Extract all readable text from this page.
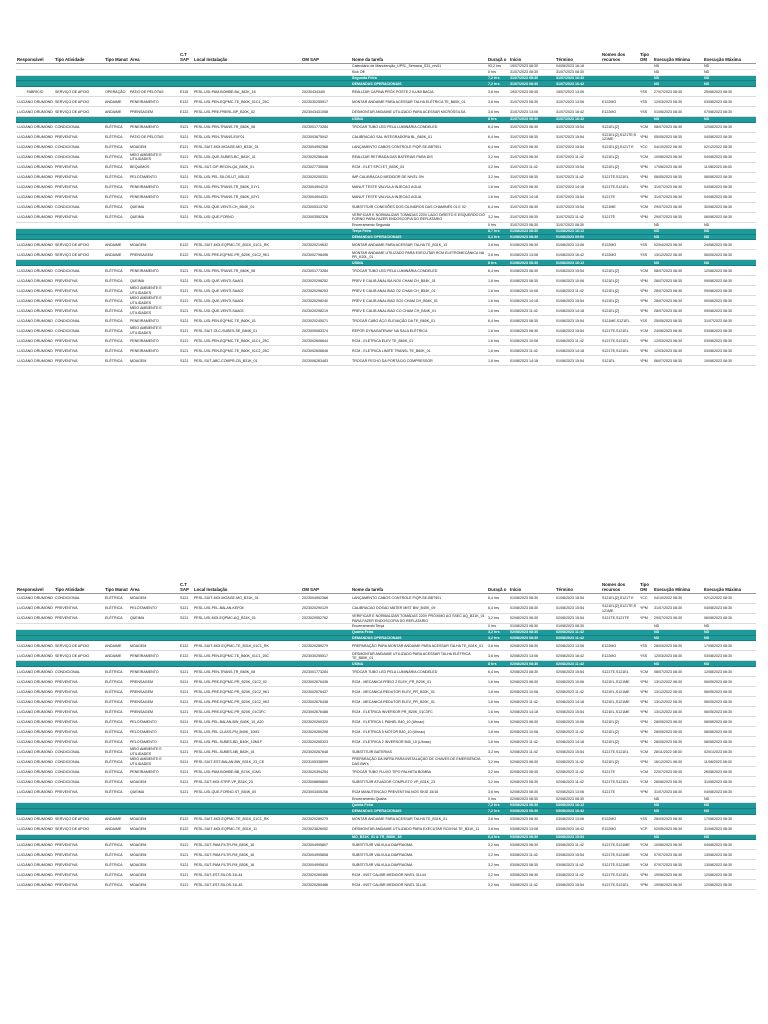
Responsável	Tipo Atividade	Tipo Manut	Área	C.T SAP	Local Instalação	OM SAP	Nome da tarefa	Duraçã o	Início	Término	Nomes dos recursos	Tipo OM	Execução Mínima	Execução Máxima
							Calendário de Manutenção_UPSL_Semana_S31_rev01	93,2 hrs	19/07/2023 08:30	04/08/2023 16:18			ND	ND
							Kick Off	0 hrs	31/07/2023 08:30	31/07/2023 08:30			ND	ND
							Segunda Feira	7,2 hrs	31/07/2023 08:30	31/07/2023 16:42			ND	ND
							DEMANDAS OPERACIONAIS	7,2 hrs	31/07/2023 08:30	31/07/2023 16:42			ND	ND
FABRICIO	SERVIÇO DE APOIO	OPERAÇÃO	PATIO DE PELOTAS	E115	PESL-USI-PAM-BOMBE-BA_382K_16	2023043434I0	REALIZAR CAPINA PRÓX POSTE 2 ILUMI BACIA	3,6 hrs	19/07/2023 08:30	19/07/2023 13:06		YSS	27/07/2023 08:30	25/08/2023 08:30
LUCIANO DRUMOND	SERVIÇO DE APOIO	ANDAIME	PENEIRAMENTO	E122	PESL-USI-PEN-EQPMC-TE_B60K_01C1_25C	2023030255517	MONTAR ANDAIME PARA ACESSAR TALHA ELÉTRICA TE_B60K_01	3,6 hrs	31/07/2023 08:30	31/07/2023 13:06	E122MO	YSS	12/03/2023 08:30	03/08/2023 08:30
LUCIANO DRUMOND	SERVIÇO DE APOIO	ANDAIME	PRENSAGEM	E122	PESL-USI-PRE-PRERL-BP_B20K_02	2023043431058	DESMONTAR ANDAIME UTILIZADO PARA ACESSAR MICROSSILSA	3,6 hrs	31/07/2023 13:06	31/07/2023 16:42	E122MO	YSS	01/06/2023 08:30	07/08/2023 08:30
							USINA	8 hrs	31/07/2023 08:30	31/07/2023 16:42			ND	ND
LUCIANO DRUMOND	CONDICIONAL	ELÉTRICA	PENEIRAMENTO	S121	PESL-USI-PEN-TRANS-TR_B60K_08	2023001773284	TROCAR TUBO LED PELA LUMINÁRIA CONDELED	6,4 hrs	31/07/2023 08:30	31/07/2023 15:54	S121EL[2]	YCM	08/07/2023 08:30	12/08/2023 08:30
LUCIANO DRUMOND	PREVENTIVA	ELÉTRICA	PATIO DE PELOTAS	S121	PESL-USI-PEN-TRANS-EXF01	2023003675042	CALIBRACAO SAL INTEGRADORA BL_B60K_01	6,4 hrs	31/07/2023 08:30	31/07/2023 15:54	S121EL[2],S121TE;S 121ME	YPM	05/05/2023 08:30	04/08/2023 08:30
LUCIANO DRUMOND	CONDICIONAL	ELÉTRICA	MOAGEM	E121	PESL-SUIT-MOI-MOAGE-MO_B31K_01	2023004952368	LANÇAMENTO CABOS CONTROLE P/QP-SE-BBT901	6,4 hrs	31/07/2023 08:30	31/07/2023 15:54	S121EL[2],S121T E	YCC	04/10/2022 08:30	02/12/2022 08:30
LUCIANO DRUMOND	CONDICIONAL	ELÉTRICA	MEIO AMBIENTE E UTILIDADES	S121	PESL-USI-QUE-SUBES-BC_B81K_01	2023020256448	REALIZAR RETIRADA DAS BATERIAS PARA DIS	3,2 hrs	31/07/2023 08:30	31/07/2023 11:42	S121EL[2]	YCM	10/06/2023 08:30	04/08/2023 08:30
LUCIANO DRUMOND	PREVENTIVA	ELÉTRICA	BEQUIMOS	S121	PESL-SUT-CIP-RECIN-QA_B53K_01	2023027735008	RCM - ELET SPCI ET_B53K_03	3,2 hrs	31/07/2023 11:42	31/07/2023 15:54	S121EL[2]	YPM	17/06/2023 08:30	11/08/2023 08:30
LUCIANO DRUMOND	PREVENTIVA	ELÉTRICA	PELOTAMENTO	S121	PESL-USI-PEL-SILOS-UT_I05L03	2023020200331	IMP CALIBRACAO MEDIDOR DE NIVEL 0%	3,2 hrs	31/07/2023 08:30	31/07/2023 11:42	S121TE,S121EL	YPM	08/05/2023 08:30	08/08/2023 08:30
LUCIANO DRUMOND	PREVENTIVA	ELÉTRICA	PENEIRAMENTO	S121	PESL-USI-PEN-TRANS-TR_B60K_01Y1	2023004904210	MANUT TESTE VALVULA INJECAO AGUA	1,6 hrs	31/07/2023 08:30	31/07/2023 14:18	S121TE,S121EL	YPM	31/07/2023 08:30	04/08/2023 08:30
LUCIANO DRUMOND	PREVENTIVA	ELÉTRICA	PENEIRAMENTO	S121	PESL-USI-PEN-TRANS-TR_B60K_02Y1	2023004904331	MANUT TESTE VALVULA INJECAO AGUA	1,6 hrs	31/07/2023 14:18	31/07/2023 15:54	S121TE	YPM	31/07/2023 08:30	04/08/2023 08:30
LUCIANO DRUMOND	CONDICIONAL	ELÉTRICA	QUEIMA	S121	PESL-USI-QUE-VENTI-CH_B54K_01	2023005313752	SUBSTITUIR CONEXÕES DOS CILINDROS DAS CHAMINÉS 01 E 02	6,4 hrs	31/07/2023 08:30	31/07/2023 15:54	S121ME	YCM	29/07/2023 08:30	30/08/2023 08:30
LUCIANO DRUMOND	PREVENTIVA	ELÉTRICA	QUEIMA	S121	PESL-USI-QUE-FORNO	2023003552326	VERIFICAR E NORMALIZAR TOMADAS 220V LADO DIREITO E ESQUERDO DO FORNO PARA FAZER ENDOSCOPIA DO REFLATARIO	3,2 hrs	31/07/2023 08:30	31/07/2023 11:42	S121TE	YPM	29/07/2023 08:30	06/08/2023 08:30
							Encerramento Segunda	0 hrs	31/07/2023 08:30	31/07/2023 08:30			ND	ND
							Terça Feira	8,7 hrs	01/08/2023 08:30	01/08/2023 16:12			ND	ND
							DEMANDAS OPERACIONAIS	3,1 hrs	01/08/2023 08:30	01/08/2023 09:00			ND	ND
LUCIANO DRUMOND	SERVIÇO DE APOIO	ANDAIME	MOAGEM	E122	PESL-SUIT-MOI-EQPMC-TE_B31K_01C1_RK	2023020219632	MONTAR ANDAIME PARA ACESSAR TALHA TE_B31K_13	3,6 hrs	01/08/2023 08:30	01/08/2023 13:06	E122MO	YSS	02/04/2023 08:30	24/08/2023 08:30
LUCIANO DRUMOND	SERVIÇO DE APOIO	ANDAIME	PRENSAGEM	E122	PESL-USI-PRE-EQPMC-PR_B20K_01C2_9K1	2023002798496	MONTAR ANDAIME UTILIZADO PARA EXECUTAR RCM ELETROMECÂNICA NA PR_K20L_01	3,6 hrs	01/08/2023 13:06	01/08/2023 16:42	E122MO	YSS	13/12/2022 08:30	06/05/2023 08:30
							USINA	8 hrs	01/08/2023 08:30	01/08/2023 16:12			ND	ND
LUCIANO DRUMOND	CONDICIONAL	ELÉTRICA	PENEIRAMENTO	S121	PESL-USI-PEN-TRANS-TR_B60K_08	2023001773284	TROCAR TUBO LED PELA LUMINÁRIA CONDELED	6,4 hrs	01/08/2023 08:30	01/08/2023 15:54	S121EL[2]	YCM	08/07/2023 08:30	12/08/2023 08:30
LUCIANO DRUMOND	PREVENTIVA	ELÉTRICA	QUEIMA	S121	PESL-USI-QUE-VENTI-SAA01	2023020298252	PREV E CALIB ANALISA NOX CHAM CH_B54K_01	1,6 hrs	01/08/2023 08:30	01/08/2023 10:06	S121EL[2]	YPM	28/07/2023 08:30	09/08/2023 08:30
LUCIANO DRUMOND	PREVENTIVA	ELÉTRICA	MEIO AMBIENTE E UTILIDADES	S121	PESL-USI-QUE-VENTI-SAA02	2023020298253	PREV E CALIB ANALISAD O2 CHAM CH_B54K_01	1,6 hrs	01/08/2023 10:06	01/08/2023 11:42	S121EL[2]	YPM	28/07/2023 08:30	09/08/2023 08:30
LUCIANO DRUMOND	PREVENTIVA	ELÉTRICA	MEIO AMBIENTE E UTILIDADES	S121	PESL-USI-QUE-VENTI-SAA04	2023020298240	PREV E CALIB ANALISAD SO2 CHAM CH_B54K_01	1,6 hrs	01/08/2023 14:18	01/08/2023 15:54	S121EL[2]	YPM	28/07/2023 08:30	09/08/2023 08:30
LUCIANO DRUMOND	PREVENTIVA	ELÉTRICA	MEIO AMBIENTE E UTILIDADES	S121	PESL-USI-QUE-VENTI-SAA03	2023020298219	PREV E CALIB ANALISAD CO CHAM CH_B54K_01	1,6 hrs	01/08/2023 11:42	01/08/2023 14:18	S121EL[2]	YPM	28/07/2023 08:30	09/08/2023 08:30
LUCIANO DRUMOND	CONDICIONAL	ELÉTRICA	PENEIRAMENTO	S121	PESL-USI-PEN-EQPMC-TE_B60K_01	2023020245071	TROCAR CABO AÇO ELEVAÇÃO DA TE_B60K_01	6,4 hrs	01/08/2023 08:30	01/08/2023 15:54	S121ME,S121EL	YSS	25/05/2023 08:30	31/07/2023 08:30
LUCIANO DRUMOND	CONDICIONAL	ELÉTRICA	MEIO AMBIENTE E UTILIDADES	S121	PESL-SUIT-OLC-SUBES-SE_B84K_01	2023005083374	REPOR DYNAGATEWAY NA SALA ELÉTRICA	1,6 hrs	01/08/2023 08:30	01/08/2023 15:54	S121TE,S121EL	YCM	24/06/2023 08:30	03/08/2023 08:30
LUCIANO DRUMOND	PREVENTIVA	ELÉTRICA	PENEIRAMENTO	S121	PESL-USI-PEN-EQPMC-TE_B60K_01C1_25C	2023002606644	RCM - ELETRICA ELEV TE_B60K_01	1,6 hrs	01/08/2023 10:06	01/08/2023 11:42	S121TE,S121EL	YPM	12/03/2023 08:30	03/08/2023 08:30
LUCIANO DRUMOND	PREVENTIVA	ELÉTRICA	PENEIRAMENTO	S121	PESL-USI-PEN-EQPMC-TE_B60K_01C2_25C	2023002606646	RCM - ELETRICA LIMITE TRANSL TE_B60K_01	1,6 hrs	01/08/2023 11:42	01/08/2023 14:18	S121TE,S121EL	YPM	12/03/2023 08:30	03/08/2023 08:30
LUCIANO DRUMOND	PREVENTIVA	ELÉTRICA	MOAGEM	S121	PESL-SUT-ABC-COMPR-CB_B31K_01	2023006283483	TROCAR FECHO DA PORTA DO COMPRESSOR	1,6 hrs	01/08/2023 14:18	01/08/2023 15:54	S121EL	YPM	06/07/2023 08:30	10/08/2023 08:30
Responsável	Tipo Atividade	Tipo Manut	Área	C.T SAP	Local Instalação	OM SAP	Nome da tarefa	Duraçã o	Início	Término	Nomes dos recursos	Tipo OM	Execução Mínima	Execução Máxima
LUCIANO DRUMOND	CONDICIONAL	ELÉTRICA	MOAGEM	S121	PESL-SUIT-MOI-MOAGE-MO_B31K_01	2023004952368	LANÇAMENTO CABOS CONTROLE P/QP-SE-BBT901	6,4 hrs	01/08/2023 08:30	01/08/2023 15:54	S121EL[2],S121T E	YCC	04/10/2022 08:30	02/12/2022 08:30
LUCIANO DRUMOND	PREVENTIVA	ELÉTRICA	PELOTAMENTO	S121	PESL-USI-PEL-BALAN-KEF08	2023020290129	CALIBRACAO DOSAD MATER MIST BW_B40K_09	6,4 hrs	01/08/2023 08:30	01/08/2023 15:54	S121EL[2],S121TE;S 121ME	YPM	31/07/2023 08:30	04/08/2023 08:30
LUCIANO DRUMOND	PREVENTIVA	ELÉTRICA	QUEIMA	S121	PESL-USI-MOI-EQPMC-AQ_B31K_01	2023020552762	VERIFICAR E NORMALIZAR TOMADAS 220V PRÓXIMO AO SSEC AQ_B31K_01 PARA FAZER ENDOSCOPIA DO REFLATARIO	3,2 hrs	02/08/2023 08:30	02/08/2023 15:54	S121TE,S121TE	YPM	29/07/2023 08:30	06/08/2023 08:30
							Encerramento Terça	0 hrs	01/08/2023 08:30	01/08/2023 08:30			ND	ND
							Quarta Feira	3,2 hrs	02/08/2023 08:30	02/08/2023 11:42			ND	ND
							DEMANDAS OPERACIONAIS	3,2 hrs	02/08/2023 08:30	02/08/2023 11:42			ND	ND
LUCIANO DRUMOND	SERVIÇO DE APOIO	ANDAIME	MOAGEM	E122	PESL-SUIT-MOI-EQPMC-TE_B31K_01C1_RK	2023020289279	PREPARAÇÃO PARA MONTAR ANDAIME PARA ACESSAR TALHA TE_B31K_01	3,6 hrs	02/08/2023 08:30	02/08/2023 13:06	E122MO	YSS	26/03/2023 08:30	17/08/2023 08:30
LUCIANO DRUMOND	SERVIÇO DE APOIO	ANDAIME	PENEIRAMENTO	E122	PESL-USI-PEN-EQPMC-TE_B60K_01C1_25C	2023030255517	DESMONTAR ANDAIME UTILIZADO PARA ACESSAR TALHA ELÉTRICA TE_B60K_01	3,6 hrs	02/08/2023 13:06	02/08/2023 16:42	E122MO	YSS	12/03/2023 08:30	03/08/2023 08:30
							USINA	8 hrs	02/08/2023 08:30	02/08/2023 11:42			ND	ND
LUCIANO DRUMOND	CONDICIONAL	ELÉTRICA	PENEIRAMENTO	S121	PESL-USI-PEN-TRANS-TR_B60K_08	2023001773284	TROCAR TUBO LED PELA LUMINÁRIA CONDELED	6,4 hrs	02/08/2023 08:30	02/08/2023 15:54	S121TE,S121EL	YCM	08/07/2023 08:30	12/08/2023 08:30
LUCIANO DRUMOND	PREVENTIVA	ELÉTRICA	PRENSAGEM	S121	PESL-USI-PRE-EQPMC-PR_B20K_01C2_02	2023002676436	RCM - MECANICA FREIO 2 ELEV_PR_B20K_01	1,6 hrs	02/08/2023 08:30	02/08/2023 10:06	S121EL,S121ME	YPM	13/12/2022 08:30	06/05/2023 08:30
LUCIANO DRUMOND	PREVENTIVA	ELÉTRICA	PRENSAGEM	S121	PESL-USI-PRE-EQPMC-PR_B20K_01C2_9K1	2023002676437	RCM - MECANICA REDUTOR ELEV_PR_B20K_01	1,6 hrs	02/08/2023 10:06	02/08/2023 11:42	S121EL,S121ME	YPM	13/12/2022 08:30	06/05/2023 08:30
LUCIANO DRUMOND	PREVENTIVA	ELÉTRICA	PRENSAGEM	S121	PESL-USI-PRE-EQPMC-PR_B20K_01C2_9K2	2023002676438	RCM - MECANICA REDUTOR ELEV_PR_B20K_01	1,6 hrs	02/08/2023 11:42	02/08/2023 14:18	S121EL,S121ME	YPM	13/12/2022 08:30	06/05/2023 08:30
LUCIANO DRUMOND	PREVENTIVA	ELÉTRICA	PRENSAGEM	S121	PESL-USI-PRE-EQPMC-PR_B20K_01C3FC	2023002676486	RCM - ELETRICA INVERSOR PR_B20K_01C3FC	1,6 hrs	02/08/2023 14:18	02/08/2023 15:54	S121EL,S121ME	YPM	13/12/2022 08:30	06/05/2023 08:30
LUCIANO DRUMOND	PREVENTIVA	ELÉTRICA	PELOTAMENTO	S121	PESL-USI-PEL-BALAN-BW_B40K_10_A20	2023020260320	RCM - ELETRICA 1 PAINEL B40_10 (Uhnac)	1,6 hrs	02/08/2023 08:30	02/08/2023 10:06	S121EL[2]	YPM	28/05/2023 08:30	08/08/2023 08:30
LUCIANO DRUMOND	PREVENTIVA	ELÉTRICA	PELOTAMENTO	S121	PESL-USI-PEL-CLASS-PN_B40K_10M1	2023020260298	RCM - ELETRICA 5 MOTOR B40_10 (Uhnac)	1,6 hrs	02/08/2023 10:06	02/08/2023 11:42	S121EL[2]	YPM	28/05/2023 08:30	08/08/2023 08:30
LUCIANO DRUMOND	PREVENTIVA	ELÉTRICA	PELOTAMENTO	S121	PESL-USI-PEL-SUBES-BD_B40K_10M1F	2023020265323	RCM - ELETRICA 2 INVERSOR B40_10 (Uhnac)	1,6 hrs	02/08/2023 11:42	02/08/2023 14:18	S121EL[2]	YPM	28/05/2023 08:30	08/08/2023 08:30
LUCIANO DRUMOND	CONDICIONAL	ELÉTRICA	MEIO AMBIENTE E UTILIDADES	S121	PESL-USI-PEL-SUBES-NB_B82K_01	2023020267648	SUBSTITUIR BATERIAS	3,2 hrs	02/08/2023 11:42	02/08/2023 15:54	S121TE,S121EL	YCM	28/11/2022 08:30	02/01/2023 08:30
LUCIANO DRUMOND	CONDICIONAL	ELÉTRICA	MEIO AMBIENTE E UTILIDADES	S121	PESL-SUIT-EST-BALAN-BW_B31K_23_CE	2023105338099	PREPARAÇÃO DA INFRA PARA INSTALAÇÃO DE CHAVES DE EMERGÊNCIA DAS BW's	3,2 hrs	02/08/2023 08:30	02/08/2023 11:42	S121EL[2]	YPM	16/12/2021 08:30	11/08/2023 08:30
LUCIANO DRUMOND	CONDICIONAL	ELÉTRICA	PENEIRAMENTO	S121	PESL-USI-PAM-BOMBE-BB_B74K_01M1	2023020394254	TROCAR TUBO FLUXO TIPO PALHETA BOMBA	3,2 hrs	02/08/2023 08:30	02/08/2023 11:42	S121TE	YCM	22/07/2023 08:30	26/08/2023 08:30
LUCIANO DRUMOND	CONDICIONAL	ELÉTRICA	MOAGEM	S121	PESL-SUT-MOI-STRP-VP_B31K_23	2023008896800	SUBSTITUIR ATUADOR COMPLETO VP_B31K_23	3,2 hrs	02/08/2023 08:30	02/08/2023 11:42	S121TE,S121EL	YCM	28/06/2023 08:30	31/08/2023 08:30
LUCIANO DRUMOND	PREVENTIVA	ELÉTRICA	QUEIMA	S121	PESL-USI-QUE-FORNO-ST_B54K_00	2023003405256	RCM MANUTENCAO PREVENTIVA NOS SKID 15/16	3,6 hrs	02/08/2023 08:30	02/08/2023 13:06	S121TE	YPM	31/07/2023 08:30	04/08/2023 08:30
							Encerramento Quarta	0 hrs	02/08/2023 08:30	02/08/2023 08:30			ND	ND
							Quinta Feira	7,2 hrs	03/08/2023 08:30	03/08/2023 16:12			ND	ND
							DEMANDAS OPERACIONAIS	7,2 hrs	03/08/2023 08:30	03/08/2023 16:42			ND	ND
LUCIANO DRUMOND	SERVIÇO DE APOIO	ANDAIME	MOAGEM	E122	PESL-SUIT-MOI-EQPMC-TE_B31K_01C1_RK	2023020289279	MONTAR ANDAIME PARA ACESSAR TALHA TE_B31K_01	3,6 hrs	03/08/2023 08:30	03/08/2023 13:06	E122MO	YSS	26/03/2023 08:30	17/08/2023 08:30
LUCIANO DRUMOND	SERVIÇO DE APOIO	ANDAIME	MOAGEM	E122	PESL-SUIT-MOI-EQPMC-TE_B31K_11	2023023826052	DESMONTAR ANDAIME UTILIZADO PARA EXECUTAR RCM NA TE_B31K_11	3,6 hrs	03/08/2023 13:06	03/08/2023 16:42	E122MO	YCP	02/05/2023 08:30	31/08/2023 08:30
							MO_B31K_01 & TR_B50K_35	6,4 hrs	03/08/2023 08:30	03/08/2023 15:54			ND	ND
LUCIANO DRUMOND	PREVENTIVA	ELÉTRICA	MOAGEM	S121	PESL-SUT-PAM-FILTR-FM_B53K_16	2023004995807	SUBSTITUIR VÁLVULA DIAFRAGMA	3,2 hrs	03/08/2023 08:30	03/08/2023 11:42	S121TE,S121ME	YCM	10/06/2023 08:30	04/08/2023 08:30
LUCIANO DRUMOND	PREVENTIVA	ELÉTRICA	MOAGEM	S121	PESL-SUT-PAM-FILTR-FM_B53K_16	2023004995808	SUBSTITUIR VÁLVULA DIAFRAGMA	3,2 hrs	03/08/2023 11:42	03/08/2023 15:54	S121TE,S121ME	YCM	07/07/2023 08:30	13/08/2023 08:30
LUCIANO DRUMOND	PREVENTIVA	ELÉTRICA	MOAGEM	S121	PESL-SUT-PAM-FILTR-FM_B53K_16	2023004995810	SUBSTITUIR VÁLVULA DIAFRAGMA	3,2 hrs	03/08/2023 08:30	03/08/2023 11:42	S121TE,S121ME	YCM	07/07/2023 08:30	13/08/2023 08:30
LUCIANO DRUMOND	PREVENTIVA	ELÉTRICA	MOAGEM	S121	PESL-SUT-EST-SILOS-31L44	2023020260465	RCM - INST CALIBR MEDIDOR NIVEL 31L44	3,2 hrs	03/08/2023 08:30	03/08/2023 11:42	S121TE,S121EL	YPM	19/06/2023 08:30	12/08/2023 08:30
LUCIANO DRUMOND	PREVENTIVA	ELÉTRICA	MOAGEM	S121	PESL-SUT-EST-SILOS-31L45	2023020260486	RCM - INST CALIBR MEDIDOR NIVEL 31L45	3,2 hrs	03/08/2023 11:42	03/08/2023 15:54	S121TE,S121EL	YPM	19/06/2023 08:30	12/08/2023 08:30
